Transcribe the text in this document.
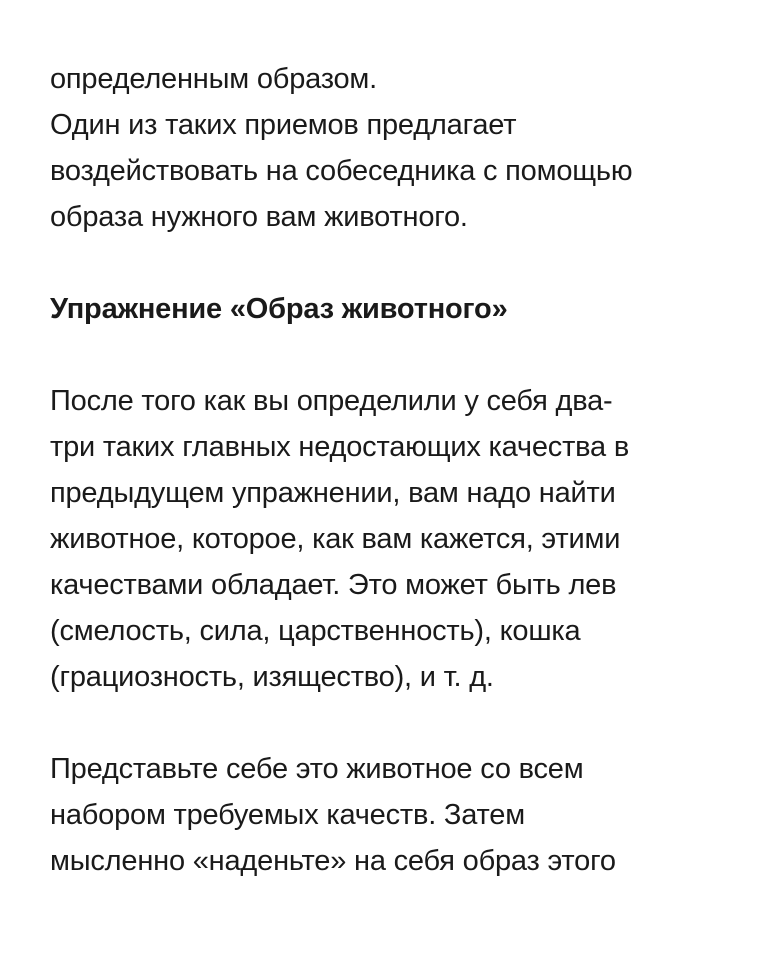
определенным образом.
Один из таких приемов предлагает
воздействовать на собеседника с помощью
образа нужного вам животного.
Упражнение «Образ животного»
После того как вы определили у себя два-
три таких главных недостающих качества в
предыдущем упражнении, вам надо найти
животное, которое, как вам кажется, этими
качествами обладает. Это может быть лев
(смелость, сила, царственность), кошка
(грациозность, изящество), и т. д.
Представьте себе это животное со всем
набором требуемых качеств. Затем
мысленно «наденьте» на себя образ этого
